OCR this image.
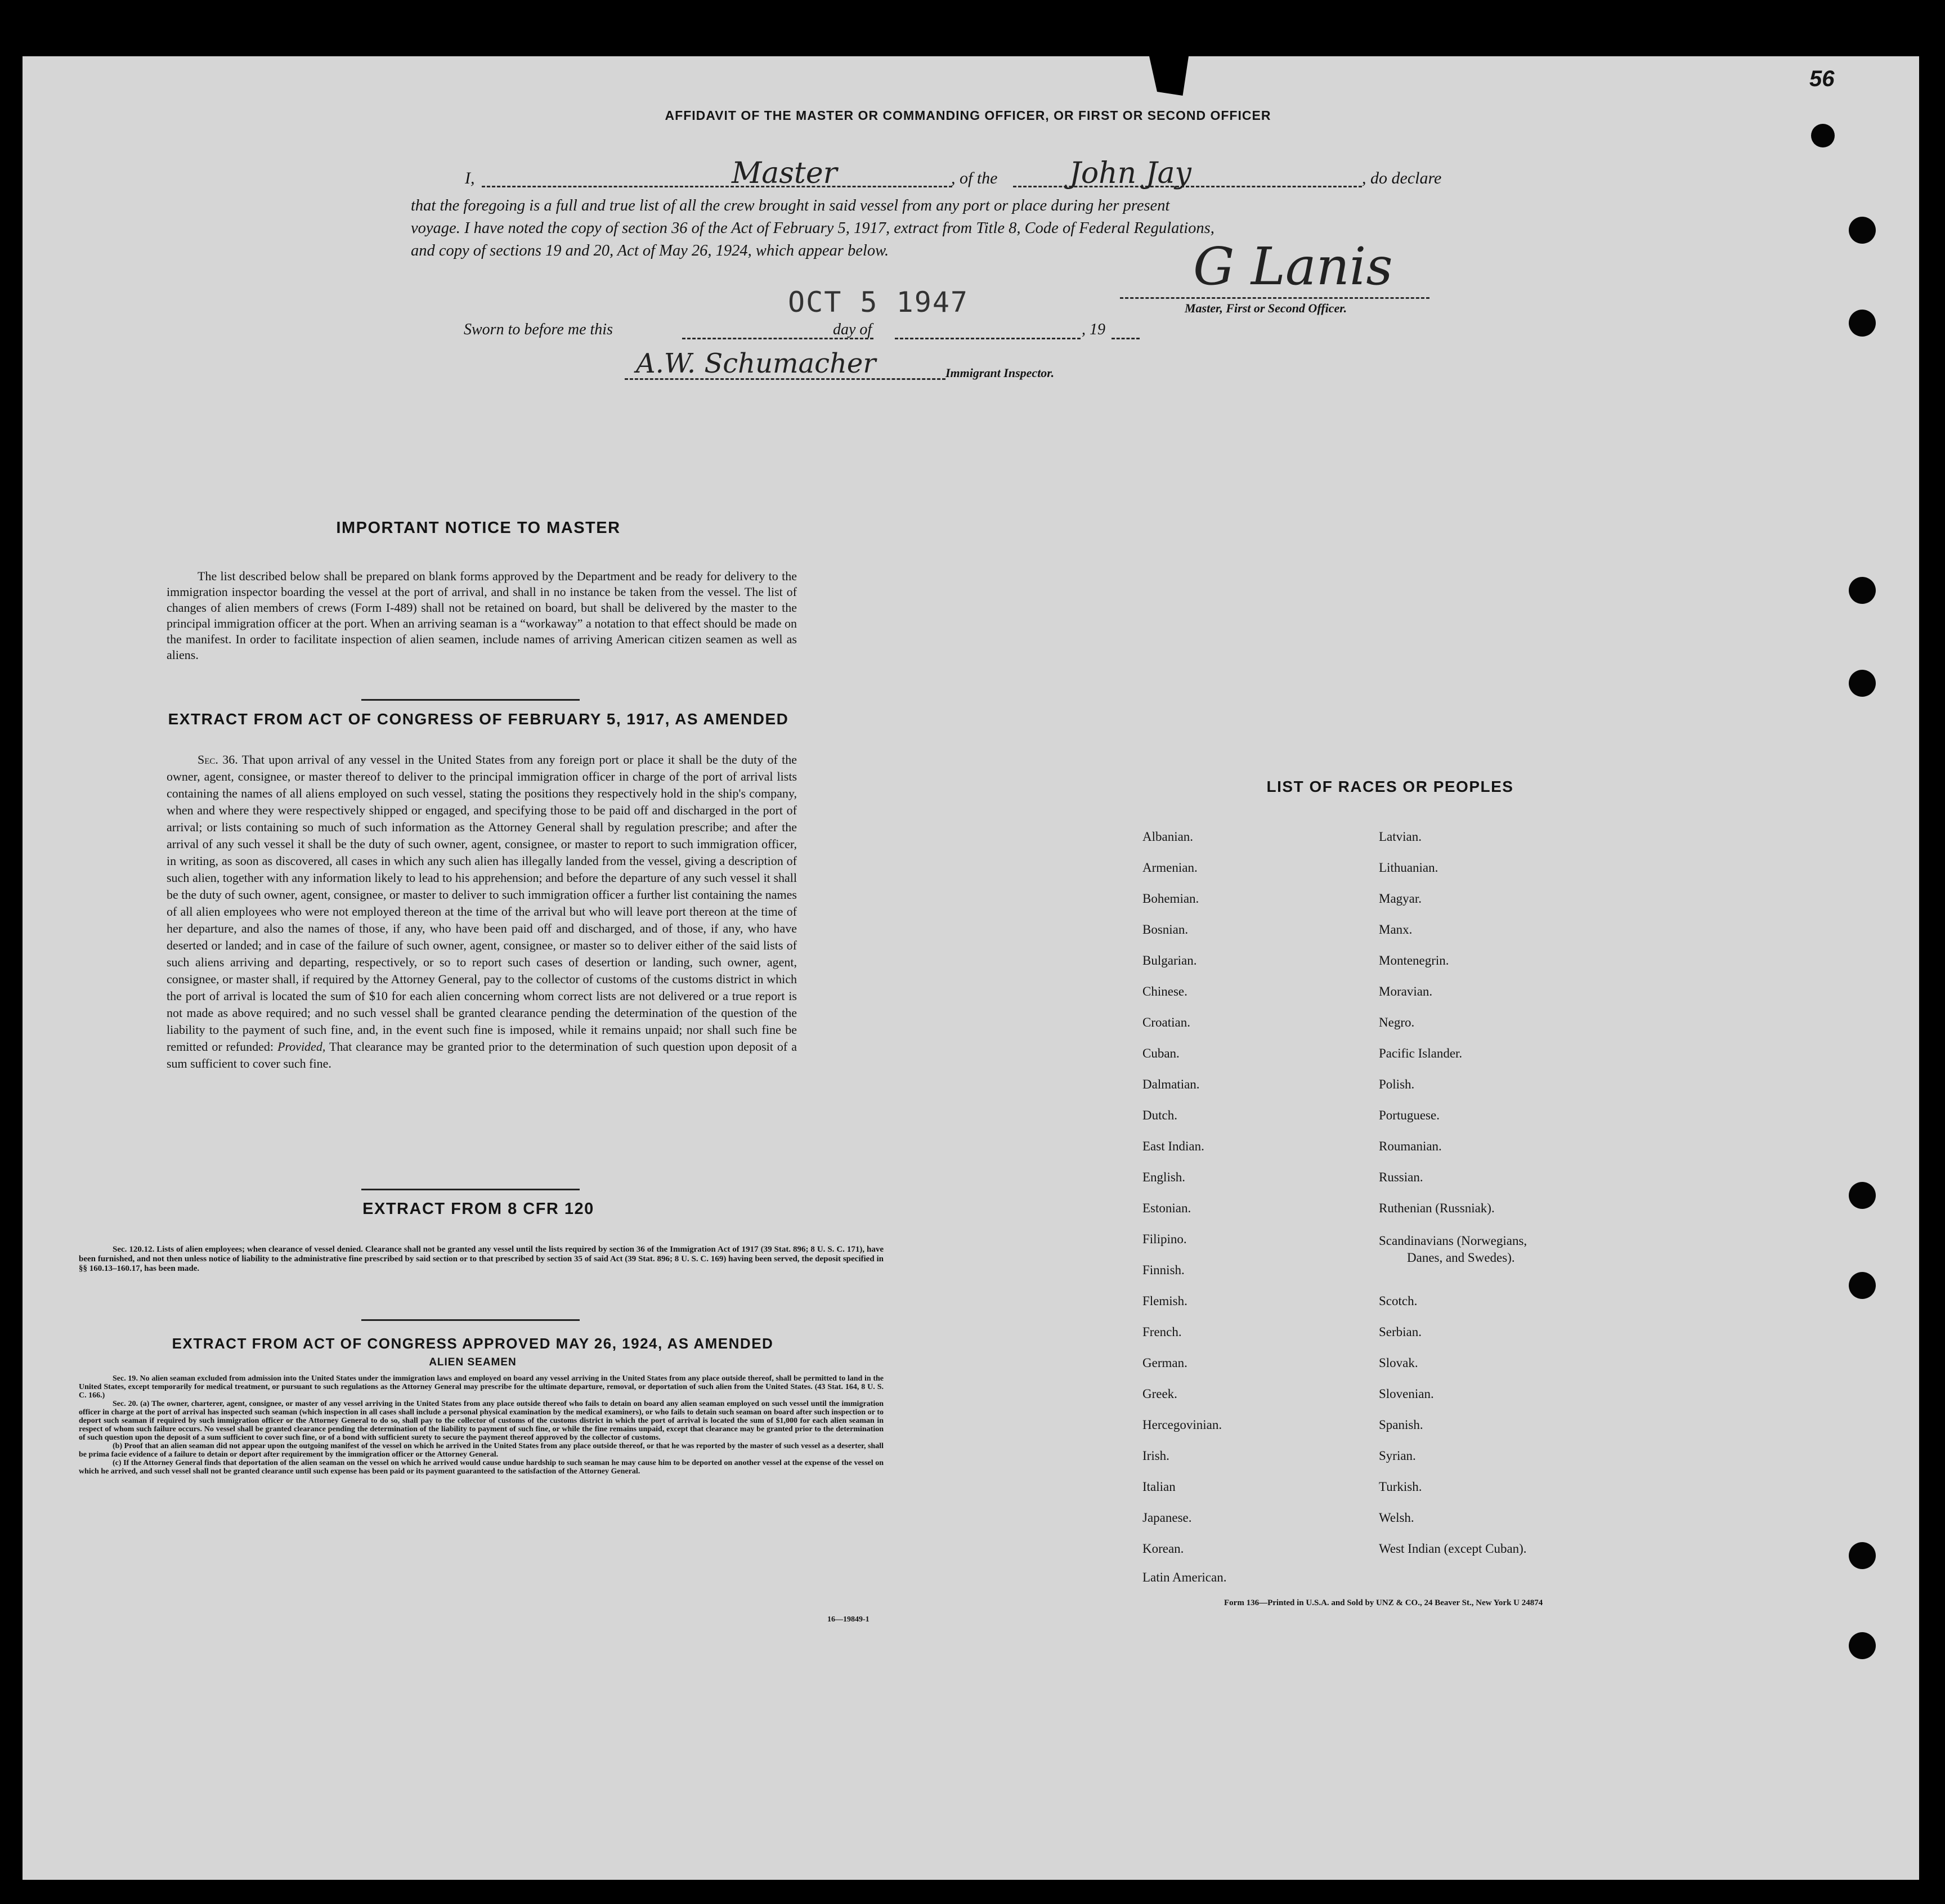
56
AFFIDAVIT OF THE MASTER OR COMMANDING OFFICER, OR FIRST OR SECOND OFFICER
I,	Master	, of the John Jay	, do declare
that the foregoing is a full and true list of all the crew brought in said vessel from any port or place during her present
voyage. I have noted the copy of section 36 of the Act of February 5, 1917, extract from Title 8, Code of Federal Regulations,
and copy of sections 19 and 20, Act of May 26, 1924, which appear below.	G Lanis
Master, First or Second Officer.
OCT 5 1947
Sworn to before me this	day of	, 19
A.W. Schumacher	Immigrant Inspector.
IMPORTANT NOTICE TO MASTER
The list described below shall be prepared on blank forms approved by the Department and be ready for delivery to the immigration inspector boarding the vessel at the port of arrival, and shall in no instance be taken from the vessel. The list of changes of alien members of crews (Form I-489) shall not be retained on board, but shall be delivered by the master to the principal immigration officer at the port. When an arriving seaman is a “workaway” a notation to that effect should be made on the manifest. In order to facilitate inspection of alien seamen, include names of arriving American citizen seamen as well as aliens.
EXTRACT FROM ACT OF CONGRESS OF FEBRUARY 5, 1917, AS AMENDED
Sec. 36. That upon arrival of any vessel in the United States from any foreign port or place it shall be the duty of the owner, agent, consignee, or master thereof to deliver to the principal immigration officer in charge of the port of arrival lists containing the names of all aliens employed on such vessel, stating the positions they respectively hold in the ship's company, when and where they were respectively shipped or engaged, and specifying those to be paid off and discharged in the port of arrival; or lists containing so much of such information as the Attorney General shall by regulation prescribe; and after the arrival of any such vessel it shall be the duty of such owner, agent, consignee, or master to report to such immigration officer, in writing, as soon as discovered, all cases in which any such alien has illegally landed from the vessel, giving a description of such alien, together with any information likely to lead to his apprehension; and before the departure of any such vessel it shall be the duty of such owner, agent, consignee, or master to deliver to such immigration officer a further list containing the names of all alien employees who were not employed thereon at the time of the arrival but who will leave port thereon at the time of her departure, and also the names of those, if any, who have been paid off and discharged, and of those, if any, who have deserted or landed; and in case of the failure of such owner, agent, consignee, or master so to deliver either of the said lists of such aliens arriving and departing, respectively, or so to report such cases of desertion or landing, such owner, agent, consignee, or master shall, if required by the Attorney General, pay to the collector of customs of the customs district in which the port of arrival is located the sum of $10 for each alien concerning whom correct lists are not delivered or a true report is not made as above required; and no such vessel shall be granted clearance pending the determination of the question of the liability to the payment of such fine, and, in the event such fine is imposed, while it remains unpaid; nor shall such fine be remitted or refunded: Provided, That clearance may be granted prior to the determination of such question upon deposit of a sum sufficient to cover such fine.
EXTRACT FROM 8 CFR 120
Sec. 120.12. Lists of alien employees; when clearance of vessel denied. Clearance shall not be granted any vessel until the lists required by section 36 of the Immigration Act of 1917 (39 Stat. 896; 8 U. S. C. 171), have been furnished, and not then unless notice of liability to the administrative fine prescribed by said section or to that prescribed by section 35 of said Act (39 Stat. 896; 8 U. S. C. 169) having been served, the deposit specified in §§ 160.13–160.17, has been made.
EXTRACT FROM ACT OF CONGRESS APPROVED MAY 26, 1924, AS AMENDED
ALIEN SEAMEN
Sec. 19. No alien seaman excluded from admission into the United States under the immigration laws and employed on board any vessel arriving in the United States from any place outside thereof, shall be permitted to land in the United States, except temporarily for medical treatment, or pursuant to such regulations as the Attorney General may prescribe for the ultimate departure, removal, or deportation of such alien from the United States. (43 Stat. 164, 8 U. S. C. 166.)
Sec. 20. (a) The owner, charterer, agent, consignee, or master of any vessel arriving in the United States from any place outside thereof who fails to detain on board any alien seaman employed on such vessel until the immigration officer in charge at the port of arrival has inspected such seaman (which inspection in all cases shall include a personal physical examination by the medical examiners), or who fails to detain such seaman on board after such inspection or to deport such seaman if required by such immigration officer or the Attorney General to do so, shall pay to the collector of customs of the customs district in which the port of arrival is located the sum of $1,000 for each alien seaman in respect of whom such failure occurs. No vessel shall be granted clearance pending the determination of the liability to payment of such fine, or while the fine remains unpaid, except that clearance may be granted prior to the determination of such question upon the deposit of a sum sufficient to cover such fine, or of a bond with sufficient surety to secure the payment thereof approved by the collector of customs.
(b) Proof that an alien seaman did not appear upon the outgoing manifest of the vessel on which he arrived in the United States from any place outside thereof, or that he was reported by the master of such vessel as a deserter, shall be prima facie evidence of a failure to detain or deport after requirement by the immigration officer or the Attorney General.
(c) If the Attorney General finds that deportation of the alien seaman on the vessel on which he arrived would cause undue hardship to such seaman he may cause him to be deported on another vessel at the expense of the vessel on which he arrived, and such vessel shall not be granted clearance until such expense has been paid or its payment guaranteed to the satisfaction of the Attorney General.
16—19849-1
LIST OF RACES OR PEOPLES
Albanian.
Armenian.
Bohemian.
Bosnian.
Bulgarian.
Chinese.
Croatian.
Cuban.
Dalmatian.
Dutch.
East Indian.
English.
Estonian.
Filipino.
Finnish.
Flemish.
French.
German.
Greek.
Hercegovinian.
Irish.
Italian
Japanese.
Korean.
Latin American.
Latvian.
Lithuanian.
Magyar.
Manx.
Montenegrin.
Moravian.
Negro.
Pacific Islander.
Polish.
Portuguese.
Roumanian.
Russian.
Ruthenian (Russniak).
Scandinavians (Norwegians,
Danes, and Swedes).
Scotch.
Serbian.
Slovak.
Slovenian.
Spanish.
Syrian.
Turkish.
Welsh.
West Indian (except Cuban).
Form 136—Printed in U.S.A. and Sold by UNZ & CO., 24 Beaver St., New York U 24874
